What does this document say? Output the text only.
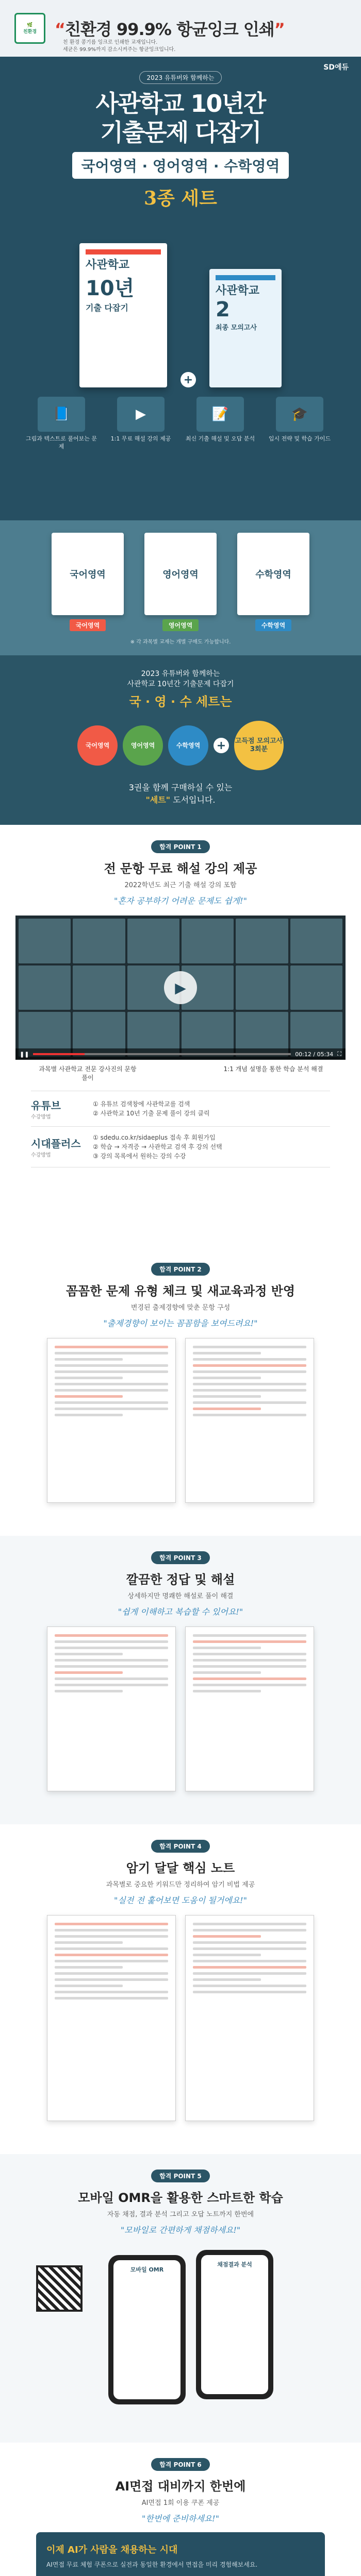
🌿
친환경 “친환경 99.9% 항균잉크 인쇄”
친 환경 콩기름 잉크로 인쇄한 교재입니다.
세균은 99.9%까지 감소시켜주는 항균잉크입니다.
SD에듀
2023 유튜버와 함께하는
사관학교 10년간
기출문제 다잡기
국어영역 · 영어영역 · 수학영역
3종 세트
사관학교
10년
기출 다잡기
+
사관학교
2
최종 모의고사
📘
그림과 텍스트로 풀어보는 문제
▶
1:1 무료 해설 강의 제공
📝
최신 기출 해설 및 오답 분석
🎓
입시 전략 및 학습 가이드
국어영역
국어영역
영어영역
영어영역
수학영역
수학영역
※ 각 과목별 교재는 개별 구매도 가능합니다.
2023 유튜버와 함께하는
사관학교 10년간 기출문제 다잡기
국 · 영 · 수 세트는
국어영역	영어영역	수학영역	+	고득점 모의고사 3회분
3권을 함께 구매하실 수 있는
"세트" 도서입니다.
합격 POINT 1
전 문항 무료 해설 강의 제공
2022학년도 최근 기출 해설 강의 포함
"혼자 공부하기 어려운 문제도 쉽게!"
▶
❚❚	00:12 / 05:34 ⛶
과목별 사관학교 전문 강사진의 문항 풀이
1:1 개념 설명을 통한 학습 분석 해결
유튜브
수강방법
① 유튜브 검색창에 사관학교를 검색
② 사관학교 10년 기출 문제 풀이 강의 클릭
시대플러스
수강방법
① sdedu.co.kr/sidaeplus 접속 후 회원가입
② 학습 → 자격증 → 사관학교 검색 후 강의 선택
③ 강의 목록에서 원하는 강의 수강
합격 POINT 2
꼼꼼한 문제 유형 체크 및 새교육과정 반영
변경된 출제경향에 맞춘 문항 구성
"출제경향이 보이는 꼼꼼함을 보여드려요!"
합격 POINT 3
깔끔한 정답 및 해설
상세하지만 명쾌한 해설로 풀이 해결
"쉽게 이해하고 복습할 수 있어요!"
합격 POINT 4
암기 달달 핵심 노트
과목별로 중요한 키워드만 정리하여 암기 비법 제공
"실전 전 훑어보면 도움이 될거에요!"
합격 POINT 5
모바일 OMR을 활용한 스마트한 학습
자동 채점, 결과 분석 그리고 오답 노트까지 한번에
"모바일로 간편하게 채점하세요!"
모바일 OMR
채점결과 분석
합격 POINT 6
AI면접 대비까지 한번에
AI면접 1회 이용 쿠폰 제공
"한번에 준비하세요!"
이제 AI가 사람을 채용하는 시대
AI면접 무료 체험 쿠폰으로 실전과 동일한 환경에서 면접을 미리 경험해보세요.
